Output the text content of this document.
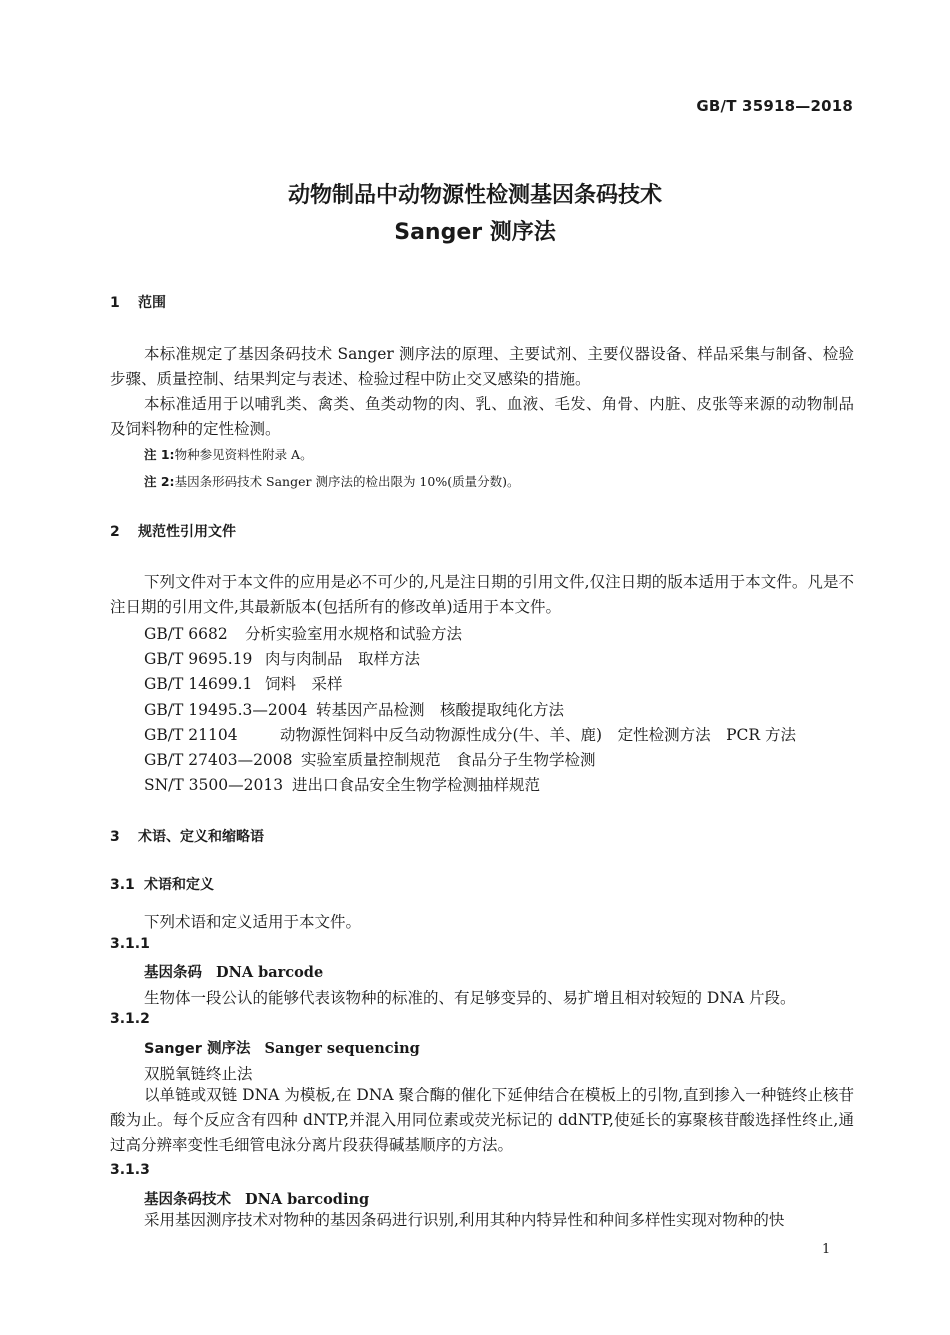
GB/T 35918—2018
动物制品中动物源性检测基因条码技术
Sanger 测序法
1 范围
本标准规定了基因条码技术 Sanger 测序法的原理、主要试剂、主要仪器设备、样品采集与制备、检验步骤、质量控制、结果判定与表述、检验过程中防止交叉感染的措施。
本标准适用于以哺乳类、禽类、鱼类动物的肉、乳、血液、毛发、角骨、内脏、皮张等来源的动物制品及饲料物种的定性检测。
注 1:物种参见资料性附录 A。
注 2:基因条形码技术 Sanger 测序法的检出限为 10%(质量分数)。
2 规范性引用文件
下列文件对于本文件的应用是必不可少的,凡是注日期的引用文件,仅注日期的版本适用于本文件。凡是不注日期的引用文件,其最新版本(包括所有的修改单)适用于本文件。
GB/T 6682 分析实验室用水规格和试验方法
GB/T 9695.19 肉与肉制品　取样方法
GB/T 14699.1 饲料　采样
GB/T 19495.3—2004 转基因产品检测　核酸提取纯化方法
GB/T 21104	动物源性饲料中反刍动物源性成分(牛、羊、鹿)　定性检测方法　PCR 方法
GB/T 27403—2008 实验室质量控制规范　食品分子生物学检测
SN/T 3500—2013 进出口食品安全生物学检测抽样规范
3 术语、定义和缩略语
3.1 术语和定义
下列术语和定义适用于本文件。
3.1.1
基因条码 DNA barcode
生物体一段公认的能够代表该物种的标准的、有足够变异的、易扩增且相对较短的 DNA 片段。
3.1.2
Sanger 测序法 Sanger sequencing
双脱氧链终止法
以单链或双链 DNA 为模板,在 DNA 聚合酶的催化下延伸结合在模板上的引物,直到掺入一种链终止核苷酸为止。每个反应含有四种 dNTP,并混入用同位素或荧光标记的 ddNTP,使延长的寡聚核苷酸选择性终止,通过高分辨率变性毛细管电泳分离片段获得碱基顺序的方法。
3.1.3
基因条码技术 DNA barcoding
采用基因测序技术对物种的基因条码进行识别,利用其种内特异性和种间多样性实现对物种的快
1
